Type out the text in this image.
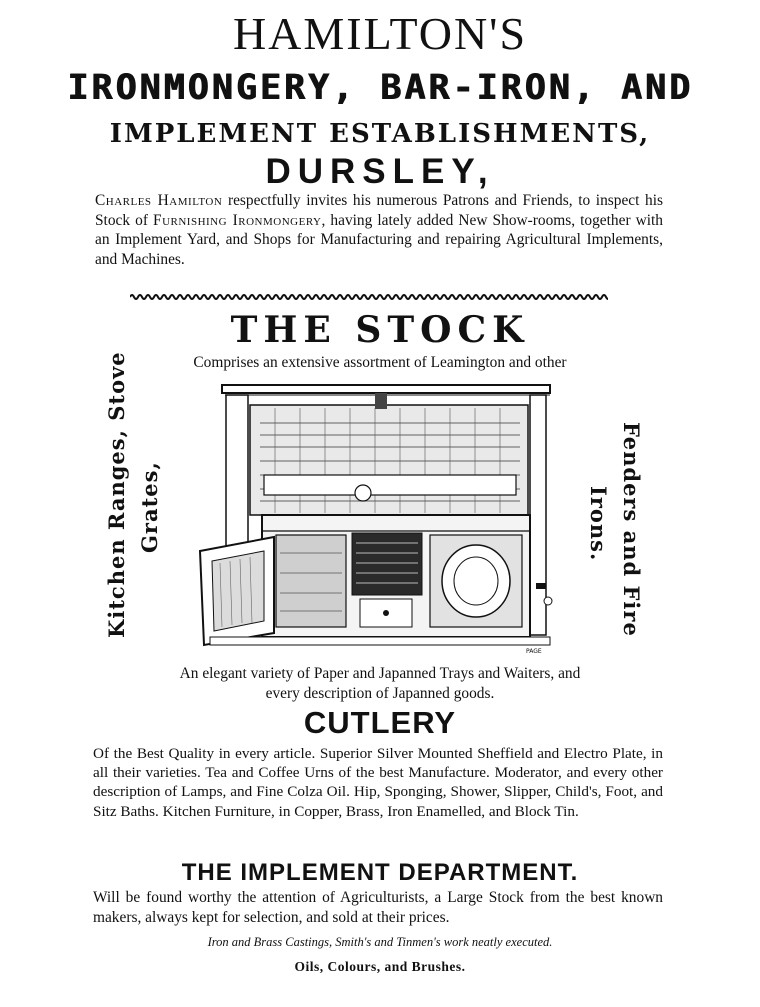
HAMILTON'S
IRONMONGERY, BAR-IRON, AND
IMPLEMENT ESTABLISHMENTS,
DURSLEY,
Charles Hamilton respectfully invites his numerous Patrons and Friends, to inspect his Stock of Furnishing Ironmongery, having lately added New Show-rooms, together with an Implement Yard, and Shops for Manufacturing and repairing Agricultural Implements, and Machines.
THE STOCK
Comprises an extensive assortment of Leamington and other
Kitchen Ranges, Stove Grates,	Fenders and Fire
Irons.
PAGE
An elegant variety of Paper and Japanned Trays and Waiters, and
every description of Japanned goods.
CUTLERY
Of the Best Quality in every article. Superior Silver Mounted Sheffield and Electro Plate, in all their varieties. Tea and Coffee Urns of the best Manufacture. Moderator, and every other description of Lamps, and Fine Colza Oil. Hip, Sponging, Shower, Slipper, Child's, Foot, and Sitz Baths. Kitchen Furniture, in Copper, Brass, Iron Enamelled, and Block Tin.
THE IMPLEMENT DEPARTMENT.
Will be found worthy the attention of Agriculturists, a Large Stock from the best known makers, always kept for selection, and sold at their prices.
Iron and Brass Castings, Smith's and Tinmen's work neatly executed.
Oils, Colours, and Brushes.
